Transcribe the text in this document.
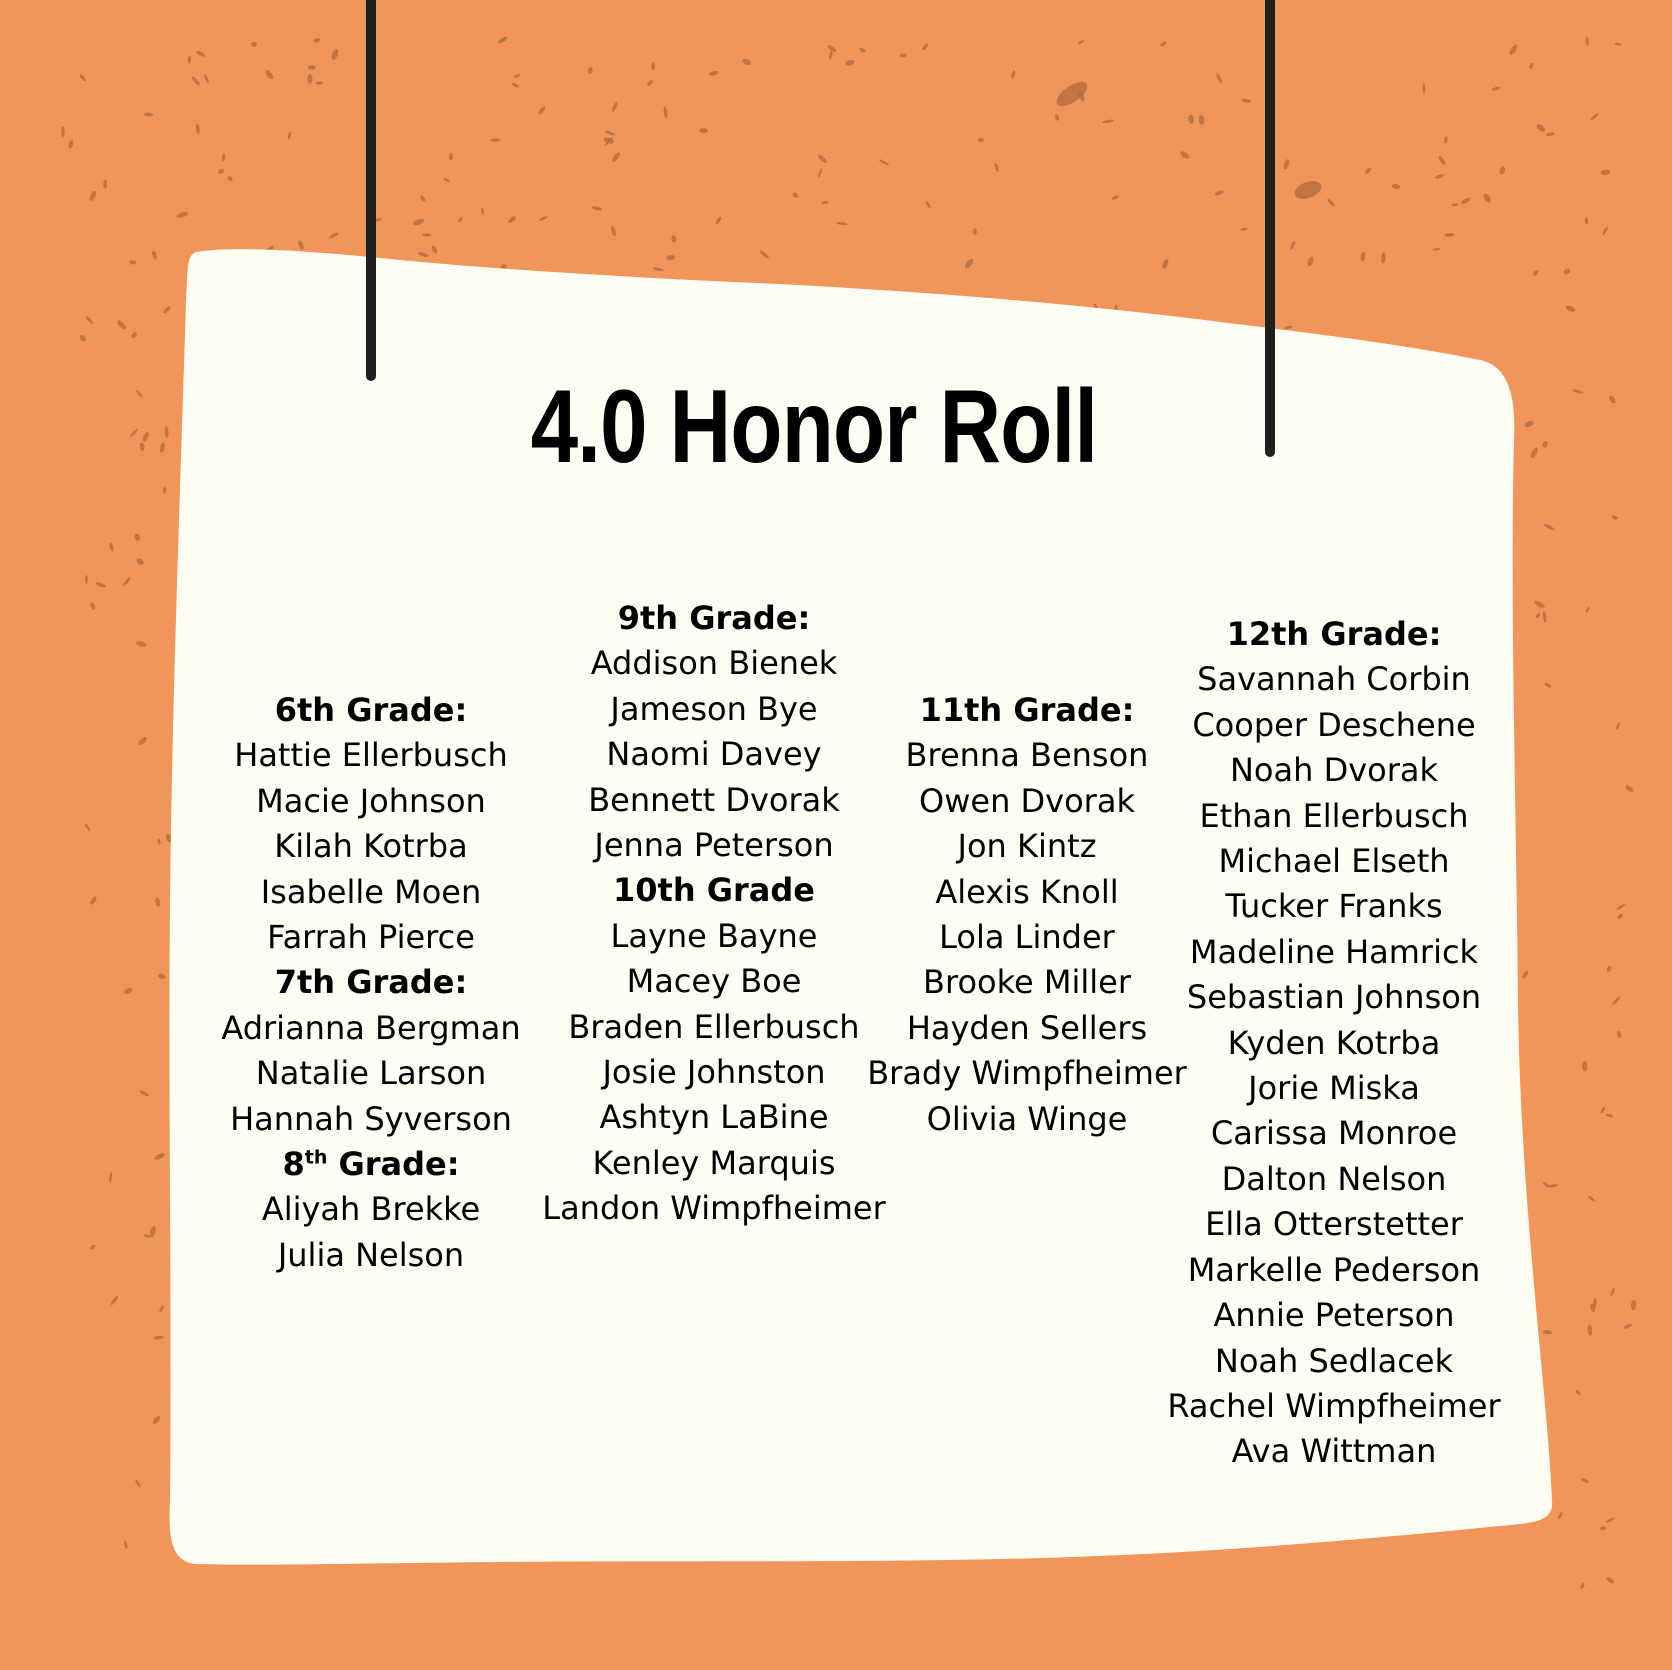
4.0 Honor Roll
6th Grade:
Hattie Ellerbusch
Macie Johnson
Kilah Kotrba
Isabelle Moen
Farrah Pierce
7th Grade:
Adrianna Bergman
Natalie Larson
Hannah Syverson
8th Grade:
Aliyah Brekke
Julia Nelson
9th Grade:
Addison Bienek
Jameson Bye
Naomi Davey
Bennett Dvorak
Jenna Peterson
10th Grade
Layne Bayne
Macey Boe
Braden Ellerbusch
Josie Johnston
Ashtyn LaBine
Kenley Marquis
Landon Wimpfheimer
11th Grade:
Brenna Benson
Owen Dvorak
Jon Kintz
Alexis Knoll
Lola Linder
Brooke Miller
Hayden Sellers
Brady Wimpfheimer
Olivia Winge
12th Grade:
Savannah Corbin
Cooper Deschene
Noah Dvorak
Ethan Ellerbusch
Michael Elseth
Tucker Franks
Madeline Hamrick
Sebastian Johnson
Kyden Kotrba
Jorie Miska
Carissa Monroe
Dalton Nelson
Ella Otterstetter
Markelle Pederson
Annie Peterson
Noah Sedlacek
Rachel Wimpfheimer
Ava Wittman
